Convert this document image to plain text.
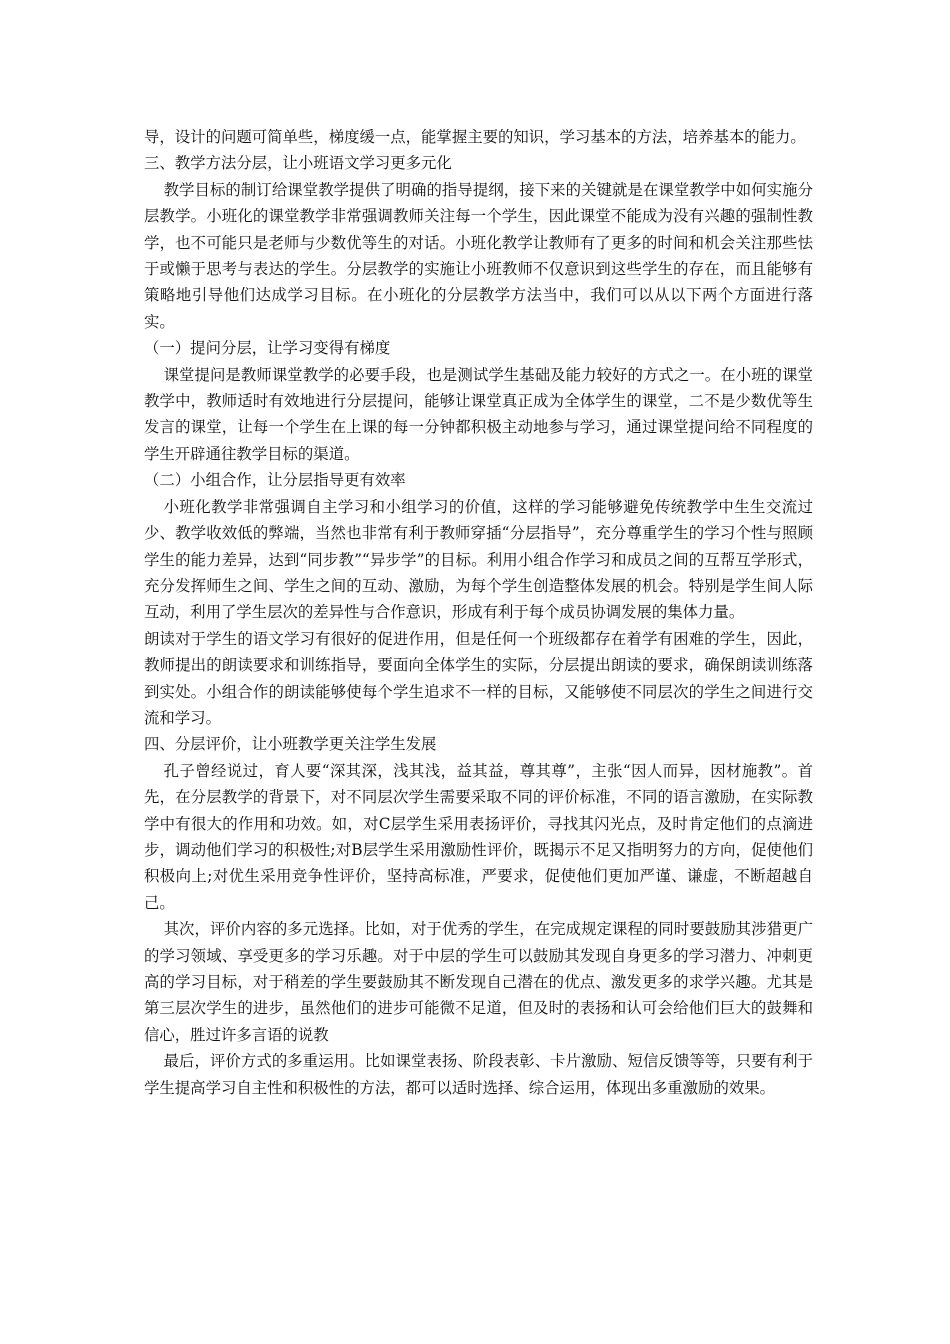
导，设计的问题可简单些，梯度缓一点，能掌握主要的知识，学习基本的方法，培养基本的能力。

三、教学方法分层，让小班语文学习更多元化

教学目标的制订给课堂教学提供了明确的指导提纲，接下来的关键就是在课堂教学中如何实施分层教学。小班化的课堂教学非常强调教师关注每一个学生，因此课堂不能成为没有兴趣的强制性教学，也不可能只是老师与少数优等生的对话。小班化教学让教师有了更多的时间和机会关注那些怯于或懒于思考与表达的学生。分层教学的实施让小班教师不仅意识到这些学生的存在，而且能够有策略地引导他们达成学习目标。在小班化的分层教学方法当中，我们可以从以下两个方面进行落实。

（一）提问分层，让学习变得有梯度

课堂提问是教师课堂教学的必要手段，也是测试学生基础及能力较好的方式之一。在小班的课堂教学中，教师适时有效地进行分层提问，能够让课堂真正成为全体学生的课堂，二不是少数优等生发言的课堂，让每一个学生在上课的每一分钟都积极主动地参与学习，通过课堂提问给不同程度的学生开辟通往教学目标的渠道。

（二）小组合作，让分层指导更有效率

小班化教学非常强调自主学习和小组学习的价值，这样的学习能够避免传统教学中生生交流过少、教学收效低的弊端，当然也非常有利于教师穿插“分层指导”，充分尊重学生的学习个性与照顾学生的能力差异，达到“同步教”“异步学”的目标。利用小组合作学习和成员之间的互帮互学形式，充分发挥师生之间、学生之间的互动、激励，为每个学生创造整体发展的机会。特别是学生间人际互动，利用了学生层次的差异性与合作意识，形成有利于每个成员协调发展的集体力量。

朗读对于学生的语文学习有很好的促进作用，但是任何一个班级都存在着学有困难的学生，因此，教师提出的朗读要求和训练指导，要面向全体学生的实际，分层提出朗读的要求，确保朗读训练落到实处。小组合作的朗读能够使每个学生追求不一样的目标，又能够使不同层次的学生之间进行交流和学习。

四、分层评价，让小班教学更关注学生发展

孔子曾经说过，育人要“深其深，浅其浅，益其益，尊其尊”，主张“因人而异，因材施教”。首先，在分层教学的背景下，对不同层次学生需要采取不同的评价标准，不同的语言激励，在实际教学中有很大的作用和功效。如，对C层学生采用表扬评价，寻找其闪光点，及时肯定他们的点滴进步，调动他们学习的积极性;对B层学生采用激励性评价，既揭示不足又指明努力的方向，促使他们积极向上;对优生采用竞争性评价，坚持高标准，严要求，促使他们更加严谨、谦虚，不断超越自己。

其次，评价内容的多元选择。比如，对于优秀的学生，在完成规定课程的同时要鼓励其涉猎更广的学习领域、享受更多的学习乐趣。对于中层的学生可以鼓励其发现自身更多的学习潜力、冲刺更高的学习目标，对于稍差的学生要鼓励其不断发现自己潜在的优点、激发更多的求学兴趣。尤其是第三层次学生的进步，虽然他们的进步可能微不足道，但及时的表扬和认可会给他们巨大的鼓舞和信心，胜过许多言语的说教

最后，评价方式的多重运用。比如课堂表扬、阶段表彰、卡片激励、短信反馈等等，只要有利于学生提高学习自主性和积极性的方法，都可以适时选择、综合运用，体现出多重激励的效果。
